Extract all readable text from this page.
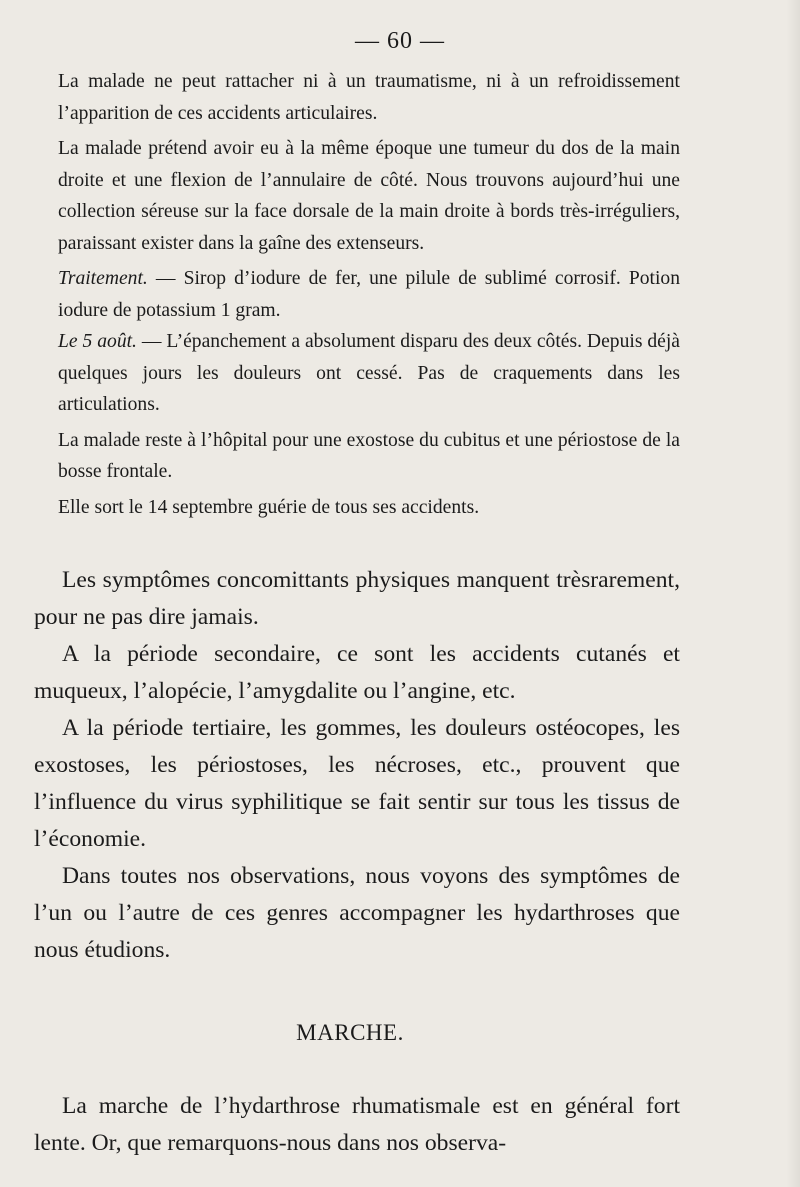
— 60 —

La malade ne peut rattacher ni à un traumatisme, ni à un refroidissement l’apparition de ces accidents articulaires.

La malade prétend avoir eu à la même époque une tumeur du dos de la main droite et une flexion de l’annulaire de côté. Nous trouvons aujourd’hui une collection séreuse sur la face dorsale de la main droite à bords très-irréguliers, paraissant exister dans la gaîne des extenseurs.

Traitement. — Sirop d’iodure de fer, une pilule de sublimé corrosif. Potion iodure de potassium 1 gram.

Le 5 août. — L’épanchement a absolument disparu des deux côtés. Depuis déjà quelques jours les douleurs ont cessé. Pas de craquements dans les articulations.

La malade reste à l’hôpital pour une exostose du cubitus et une périostose de la bosse frontale.

Elle sort le 14 septembre guérie de tous ses accidents.

Les symptômes concomittants physiques manquent trèsrarement, pour ne pas dire jamais.

A la période secondaire, ce sont les accidents cutanés et muqueux, l’alopécie, l’amygdalite ou l’angine, etc.

A la période tertiaire, les gommes, les douleurs ostéocopes, les exostoses, les périostoses, les nécroses, etc., prouvent que l’influence du virus syphilitique se fait sentir sur tous les tissus de l’économie.

Dans toutes nos observations, nous voyons des symptômes de l’un ou l’autre de ces genres accompagner les hydarthroses que nous étudions.

MARCHE.

La marche de l’hydarthrose rhumatismale est en général fort lente. Or, que remarquons-nous dans nos observa-
